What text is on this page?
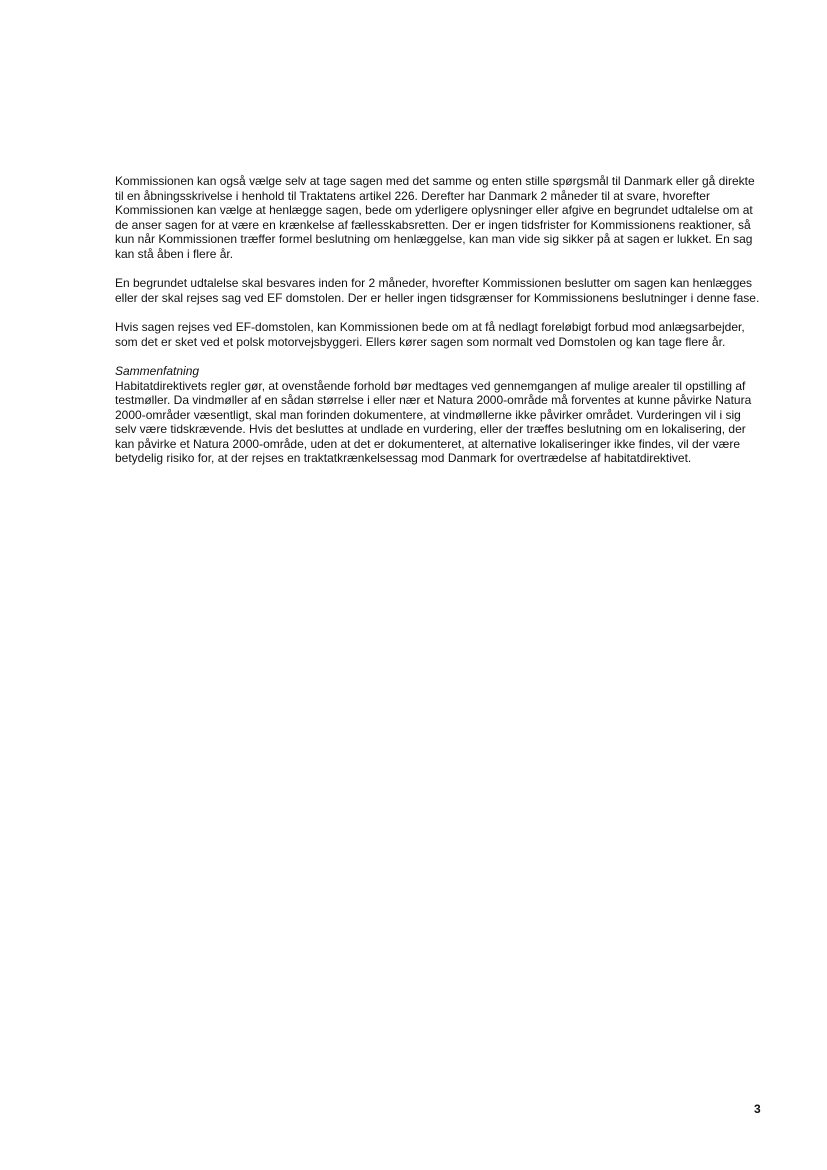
Kommissionen kan også vælge selv at tage sagen med det samme og enten stille spørgsmål til Danmark eller gå direkte til en åbningsskrivelse i henhold til Traktatens artikel 226. Derefter har Danmark 2 måneder til at svare, hvorefter Kommissionen kan vælge at henlægge sagen, bede om yderligere oplysninger eller afgive en begrundet udtalelse om at de anser sagen for at være en krænkelse af fællesskabsretten. Der er ingen tidsfrister for Kommissionens reaktioner, så kun når Kommissionen træffer formel beslutning om henlæggelse, kan man vide sig sikker på at sagen er lukket. En sag kan stå åben i flere år.

En begrundet udtalelse skal besvares inden for 2 måneder, hvorefter Kommissionen beslutter om sagen kan henlægges eller der skal rejses sag ved EF domstolen. Der er heller ingen tidsgrænser for Kommissionens beslutninger i denne fase.

Hvis sagen rejses ved EF-domstolen, kan Kommissionen bede om at få nedlagt foreløbigt forbud mod anlægsarbejder, som det er sket ved et polsk motorvejsbyggeri. Ellers kører sagen som normalt ved Domstolen og kan tage flere år.

Sammenfatning

Habitatdirektivets regler gør, at ovenstående forhold bør medtages ved gennemgangen af mulige arealer til opstilling af testmøller. Da vindmøller af en sådan størrelse i eller nær et Natura 2000-område må forventes at kunne påvirke Natura 2000-områder væsentligt, skal man forinden dokumentere, at vindmøllerne ikke påvirker området. Vurderingen vil i sig selv være tidskrævende. Hvis det besluttes at undlade en vurdering, eller der træffes beslutning om en lokalisering, der kan påvirke et Natura 2000-område, uden at det er dokumenteret, at alternative lokaliseringer ikke findes, vil der være betydelig risiko for, at der rejses en traktatkrænkelsessag mod Danmark for overtrædelse af habitatdirektivet.

3
